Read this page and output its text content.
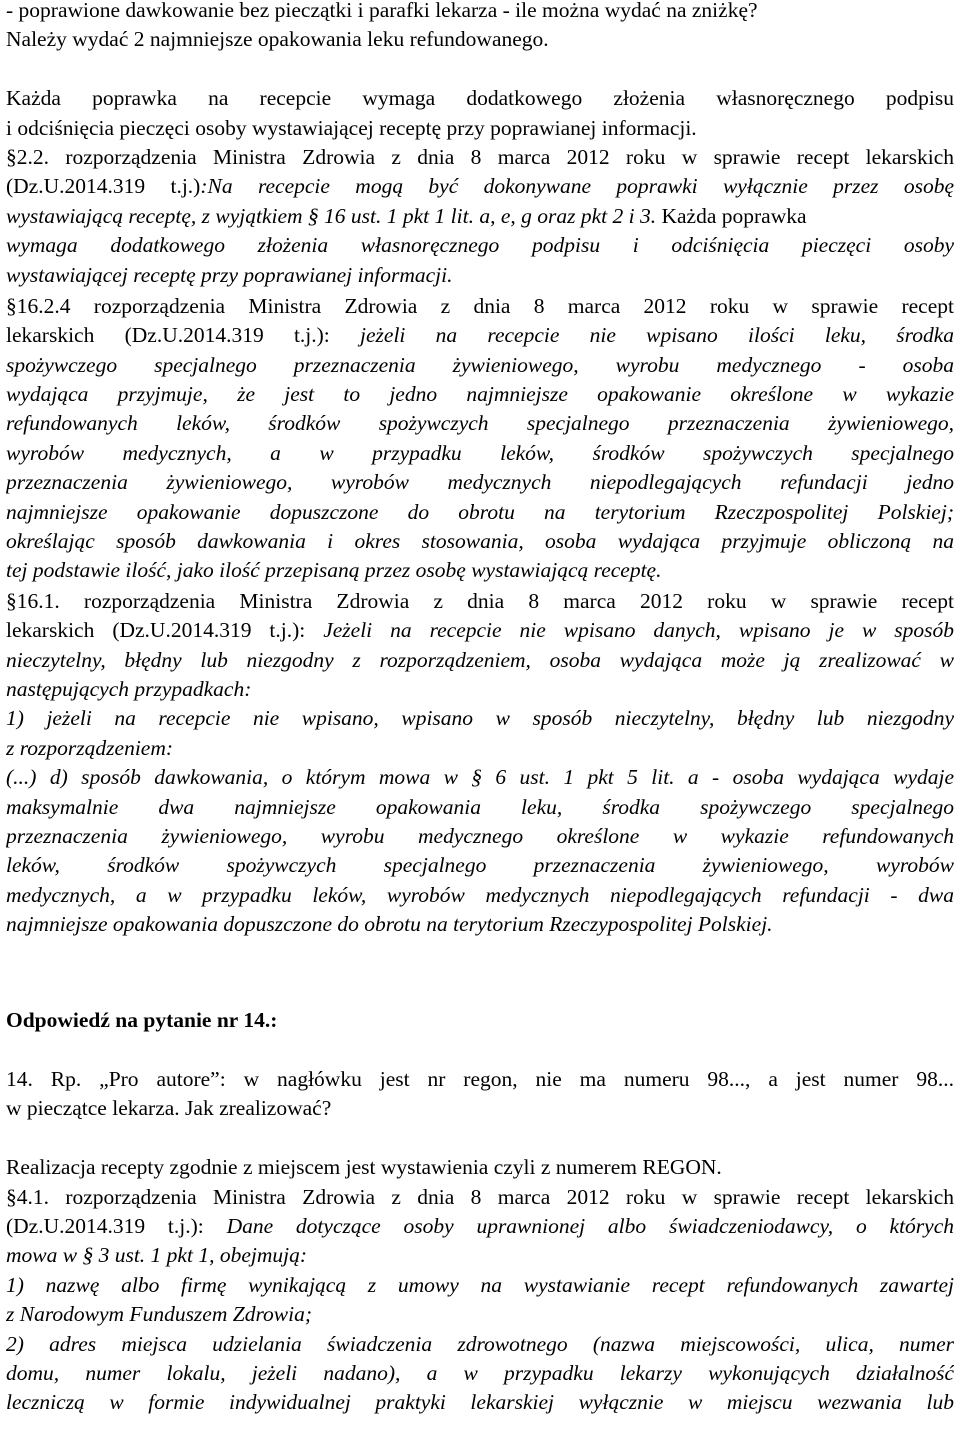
- poprawione dawkowanie bez pieczątki i parafki lekarza - ile można wydać na zniżkę?
Należy wydać 2 najmniejsze opakowania leku refundowanego.
Każda poprawka na recepcie wymaga dodatkowego złożenia własnoręcznego podpisu
i odciśnięcia pieczęci osoby wystawiającej receptę przy poprawianej informacji.
§2.2. rozporządzenia Ministra Zdrowia z dnia 8 marca 2012 roku w sprawie recept lekarskich
(Dz.U.2014.319 t.j.):Na recepcie mogą być dokonywane poprawki wyłącznie przez osobę
wystawiającą receptę, z wyjątkiem § 16 ust. 1 pkt 1 lit. a, e, g oraz pkt 2 i 3. Każda poprawka
wymaga dodatkowego złożenia własnoręcznego podpisu i odciśnięcia pieczęci osoby
wystawiającej receptę przy poprawianej informacji.
§16.2.4 rozporządzenia Ministra Zdrowia z dnia 8 marca 2012 roku w sprawie recept
lekarskich (Dz.U.2014.319 t.j.): jeżeli na recepcie nie wpisano ilości leku, środka
spożywczego specjalnego przeznaczenia żywieniowego, wyrobu medycznego - osoba
wydająca przyjmuje, że jest to jedno najmniejsze opakowanie określone w wykazie
refundowanych leków, środków spożywczych specjalnego przeznaczenia żywieniowego,
wyrobów medycznych, a w przypadku leków, środków spożywczych specjalnego
przeznaczenia żywieniowego, wyrobów medycznych niepodlegających refundacji jedno
najmniejsze opakowanie dopuszczone do obrotu na terytorium Rzeczpospolitej Polskiej;
określając sposób dawkowania i okres stosowania, osoba wydająca przyjmuje obliczoną na
tej podstawie ilość, jako ilość przepisaną przez osobę wystawiającą receptę.
§16.1. rozporządzenia Ministra Zdrowia z dnia 8 marca 2012 roku w sprawie recept
lekarskich (Dz.U.2014.319 t.j.): Jeżeli na recepcie nie wpisano danych, wpisano je w sposób
nieczytelny, błędny lub niezgodny z rozporządzeniem, osoba wydająca może ją zrealizować w
następujących przypadkach:
1) jeżeli na recepcie nie wpisano, wpisano w sposób nieczytelny, błędny lub niezgodny
z rozporządzeniem:
(...) d) sposób dawkowania, o którym mowa w § 6 ust. 1 pkt 5 lit. a - osoba wydająca wydaje
maksymalnie dwa najmniejsze opakowania leku, środka spożywczego specjalnego
przeznaczenia żywieniowego, wyrobu medycznego określone w wykazie refundowanych
leków, środków spożywczych specjalnego przeznaczenia żywieniowego, wyrobów
medycznych, a w przypadku leków, wyrobów medycznych niepodlegających refundacji - dwa
najmniejsze opakowania dopuszczone do obrotu na terytorium Rzeczypospolitej Polskiej.
Odpowiedź na pytanie nr 14.:
14. Rp. „Pro autore”: w nagłówku jest nr regon, nie ma numeru 98..., a jest numer 98...
w pieczątce lekarza. Jak zrealizować?
Realizacja recepty zgodnie z miejscem jest wystawienia czyli z numerem REGON.
§4.1. rozporządzenia Ministra Zdrowia z dnia 8 marca 2012 roku w sprawie recept lekarskich
(Dz.U.2014.319 t.j.): Dane dotyczące osoby uprawnionej albo świadczeniodawcy, o których
mowa w § 3 ust. 1 pkt 1, obejmują:
1) nazwę albo firmę wynikającą z umowy na wystawianie recept refundowanych zawartej
z Narodowym Funduszem Zdrowia;
2) adres miejsca udzielania świadczenia zdrowotnego (nazwa miejscowości, ulica, numer
domu, numer lokalu, jeżeli nadano), a w przypadku lekarzy wykonujących działalność
leczniczą w formie indywidualnej praktyki lekarskiej wyłącznie w miejscu wezwania lub
